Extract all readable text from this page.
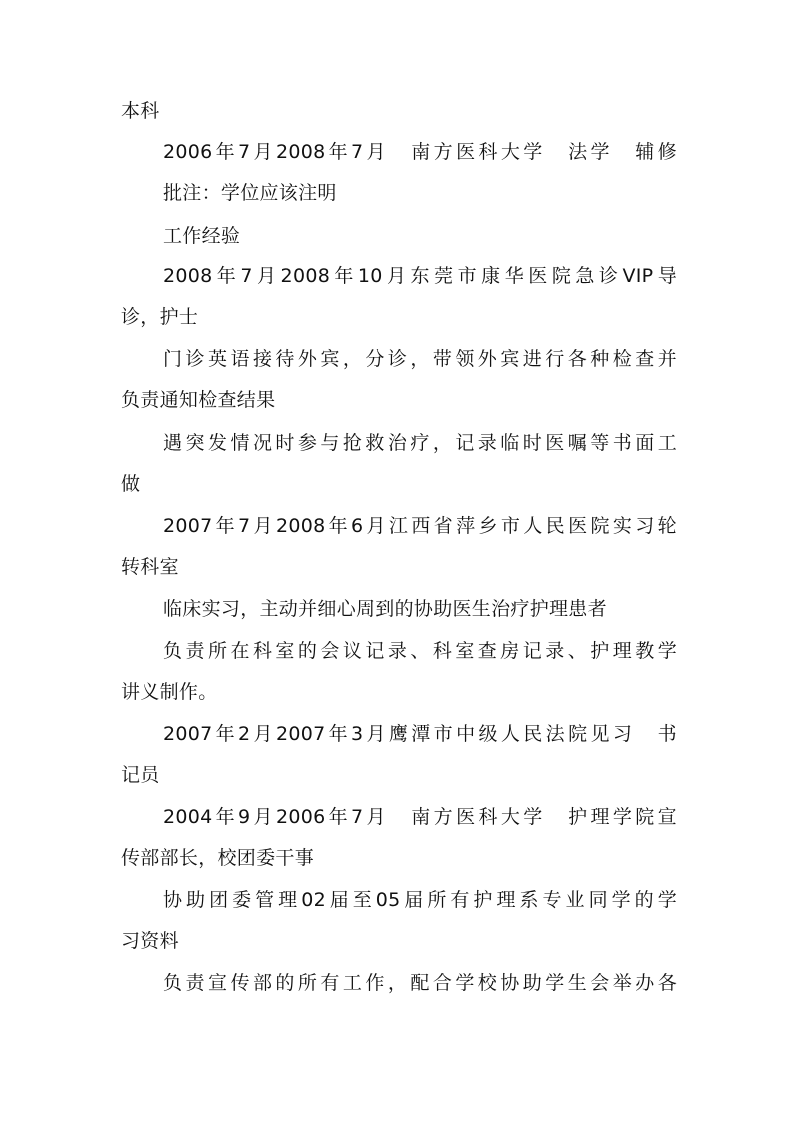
本科
2006年7月2008年7月　南方医科大学　法学　辅修
批注：学位应该注明
工作经验
2008年7月2008年10月东莞市康华医院急诊VIP导
诊，护士
门诊英语接待外宾，分诊，带领外宾进行各种检查并
负责通知检查结果
遇突发情况时参与抢救治疗，记录临时医嘱等书面工
做
2007年7月2008年6月江西省萍乡市人民医院实习轮
转科室
临床实习，主动并细心周到的协助医生治疗护理患者
负责所在科室的会议记录、科室查房记录、护理教学
讲义制作。
2007年2月2007年3月鹰潭市中级人民法院见习　书
记员
2004年9月2006年7月　南方医科大学　护理学院宣
传部部长，校团委干事
协助团委管理02届至05届所有护理系专业同学的学
习资料
负责宣传部的所有工作，配合学校协助学生会举办各
